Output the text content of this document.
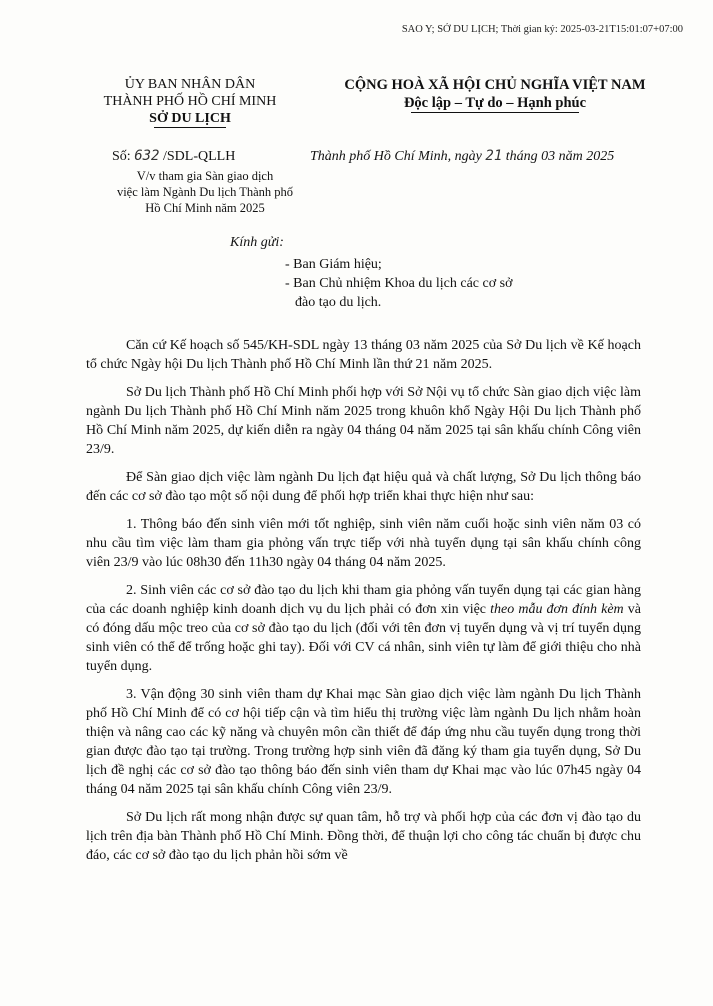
SAO Y; SỞ DU LỊCH; Thời gian ký: 2025-03-21T15:01:07+07:00
ỦY BAN NHÂN DÂN
THÀNH PHỐ HỒ CHÍ MINH
SỞ DU LỊCH
CỘNG HOÀ XÃ HỘI CHỦ NGHĨA VIỆT NAM
Độc lập – Tự do – Hạnh phúc
Số: 632 /SDL-QLLH	Thành phố Hồ Chí Minh, ngày 21 tháng 03 năm 2025
V/v tham gia Sàn giao dịch
việc làm Ngành Du lịch Thành phố
Hồ Chí Minh năm 2025
Kính gửi:
- Ban Giám hiệu;
- Ban Chủ nhiệm Khoa du lịch các cơ sở
đào tạo du lịch.

Căn cứ Kế hoạch số 545/KH-SDL ngày 13 tháng 03 năm 2025 của Sở Du lịch về Kế hoạch tổ chức Ngày hội Du lịch Thành phố Hồ Chí Minh lần thứ 21 năm 2025.

Sở Du lịch Thành phố Hồ Chí Minh phối hợp với Sở Nội vụ tổ chức Sàn giao dịch việc làm ngành Du lịch Thành phố Hồ Chí Minh năm 2025 trong khuôn khổ Ngày Hội Du lịch Thành phố Hồ Chí Minh năm 2025, dự kiến diễn ra ngày 04 tháng 04 năm 2025 tại sân khấu chính Công viên 23/9.

Để Sàn giao dịch việc làm ngành Du lịch đạt hiệu quả và chất lượng, Sở Du lịch thông báo đến các cơ sở đào tạo một số nội dung để phối hợp triển khai thực hiện như sau:

1. Thông báo đến sinh viên mới tốt nghiệp, sinh viên năm cuối hoặc sinh viên năm 03 có nhu cầu tìm việc làm tham gia phỏng vấn trực tiếp với nhà tuyển dụng tại sân khấu chính công viên 23/9 vào lúc 08h30 đến 11h30 ngày 04 tháng 04 năm 2025.

2. Sinh viên các cơ sở đào tạo du lịch khi tham gia phỏng vấn tuyển dụng tại các gian hàng của các doanh nghiệp kinh doanh dịch vụ du lịch phải có đơn xin việc theo mẫu đơn đính kèm và có đóng dấu mộc treo của cơ sở đào tạo du lịch (đối với tên đơn vị tuyển dụng và vị trí tuyển dụng sinh viên có thể để trống hoặc ghi tay). Đối với CV cá nhân, sinh viên tự làm để giới thiệu cho nhà tuyển dụng.

3. Vận động 30 sinh viên tham dự Khai mạc Sàn giao dịch việc làm ngành Du lịch Thành phố Hồ Chí Minh để có cơ hội tiếp cận và tìm hiểu thị trường việc làm ngành Du lịch nhằm hoàn thiện và nâng cao các kỹ năng và chuyên môn cần thiết để đáp ứng nhu cầu tuyển dụng trong thời gian được đào tạo tại trường. Trong trường hợp sinh viên đã đăng ký tham gia tuyển dụng, Sở Du lịch đề nghị các cơ sở đào tạo thông báo đến sinh viên tham dự Khai mạc vào lúc 07h45 ngày 04 tháng 04 năm 2025 tại sân khấu chính Công viên 23/9.

Sở Du lịch rất mong nhận được sự quan tâm, hỗ trợ và phối hợp của các đơn vị đào tạo du lịch trên địa bàn Thành phố Hồ Chí Minh. Đồng thời, để thuận lợi cho công tác chuẩn bị được chu đáo, các cơ sở đào tạo du lịch phản hồi sớm về
